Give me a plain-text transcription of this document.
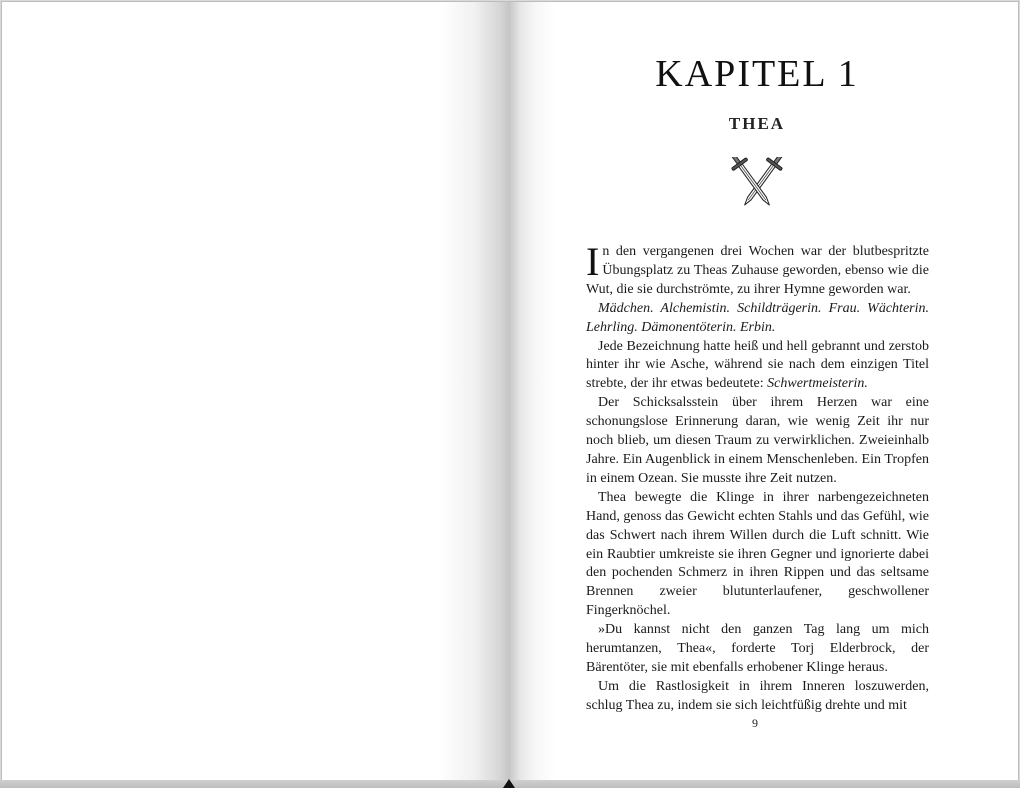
KAPITEL 1
THEA

In den vergangenen drei Wochen war der blutbespritzte Übungsplatz zu Theas Zuhause geworden, ebenso wie die Wut, die sie durchströmte, zu ihrer Hymne geworden war.

Mädchen. Alchemistin. Schildträgerin. Frau. Wächterin. Lehrling. Dämonentöterin. Erbin.

Jede Bezeichnung hatte heiß und hell gebrannt und zerstob hinter ihr wie Asche, während sie nach dem einzigen Titel strebte, der ihr etwas bedeutete: Schwertmeisterin.

Der Schicksalsstein über ihrem Herzen war eine schonungslose Erinnerung daran, wie wenig Zeit ihr nur noch blieb, um diesen Traum zu verwirklichen. Zweieinhalb Jahre. Ein Augenblick in einem Menschenleben. Ein Tropfen in einem Ozean. Sie musste ihre Zeit nutzen.

Thea bewegte die Klinge in ihrer narbengezeichneten Hand, genoss das Gewicht echten Stahls und das Gefühl, wie das Schwert nach ihrem Willen durch die Luft schnitt. Wie ein Raubtier umkreiste sie ihren Gegner und ignorierte dabei den pochenden Schmerz in ihren Rippen und das seltsame Brennen zweier blutunterlaufener, geschwollener Fingerknöchel.

»Du kannst nicht den ganzen Tag lang um mich herumtanzen, Thea«, forderte Torj Elderbrock, der Bärentöter, sie mit ebenfalls erhobener Klinge heraus.

Um die Rastlosigkeit in ihrem Inneren loszuwerden, schlug Thea zu, indem sie sich leichtfüßig drehte und mit

9
